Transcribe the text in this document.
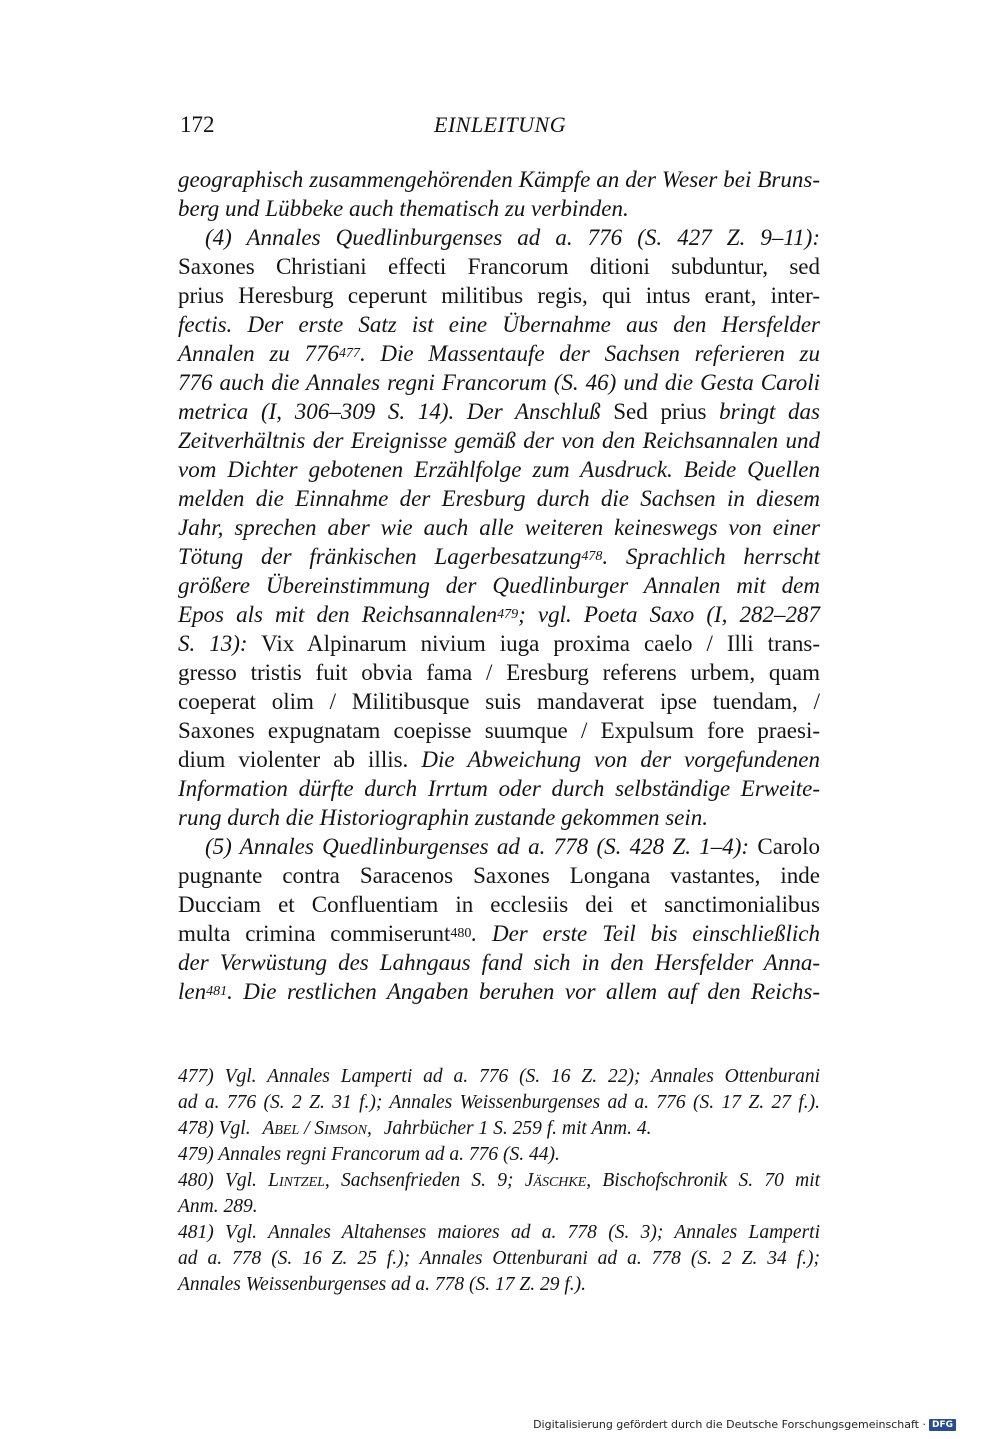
172	EINLEITUNG
geographisch zusammengehörenden Kämpfe an der Weser bei Bruns-
berg und Lübbeke auch thematisch zu verbinden.
(4) Annales Quedlinburgenses ad a. 776 (S. 427 Z. 9–11):
Saxones Christiani effecti Francorum ditioni subduntur, sed
prius Heresburg ceperunt militibus regis, qui intus erant, inter-
fectis. Der erste Satz ist eine Übernahme aus den Hersfelder
Annalen zu $776^{477}$. Die Massentaufe der Sachsen referieren zu
776 auch die Annales regni Francorum (S. 46) und die Gesta Caroli
metrica (I, 306–309 S. 14). Der Anschluß Sed prius bringt das
Zeitverhältnis der Ereignisse gemäß der von den Reichsannalen und
vom Dichter gebotenen Erzählfolge zum Ausdruck. Beide Quellen
melden die Einnahme der Eresburg durch die Sachsen in diesem
Jahr, sprechen aber wie auch alle weiteren keineswegs von einer
Tötung der fränkischen Lagerbesatzung$^{478}$. Sprachlich herrscht
größere Übereinstimmung der Quedlinburger Annalen mit dem
Epos als mit den Reichsannalen$^{479}$; vgl. Poeta Saxo (I, 282–287
S. 13): Vix Alpinarum nivium iuga proxima caelo / Illi trans-
gresso tristis fuit obvia fama / Eresburg referens urbem, quam
coeperat olim / Militibusque suis mandaverat ipse tuendam, /
Saxones expugnatam coepisse suumque / Expulsum fore praesi-
dium violenter ab illis. Die Abweichung von der vorgefundenen
Information dürfte durch Irrtum oder durch selbständige Erweite-
rung durch die Historiographin zustande gekommen sein.
(5) Annales Quedlinburgenses ad a. 778 (S. 428 Z. 1–4): Carolo
pugnante contra Saracenos Saxones Longana vastantes, inde
Ducciam et Confluentiam in ecclesiis dei et sanctimonialibus
multa crimina commiserunt$^{480}$. Der erste Teil bis einschließlich
der Verwüstung des Lahngaus fand sich in den Hersfelder Anna-
len$^{481}$. Die restlichen Angaben beruhen vor allem auf den Reichs-
477) Vgl. Annales Lamperti ad a. 776 (S. 16 Z. 22); Annales Ottenburani
ad a. 776 (S. 2 Z. 31 f.); Annales Weissenburgenses ad a. 776 (S. 17 Z. 27 f.).
478) Vgl. Abel / Simson, Jahrbücher 1 S. 259 f. mit Anm. 4.
479) Annales regni Francorum ad a. 776 (S. 44).
480) Vgl. Lintzel, Sachsenfrieden S. 9; Jäschke, Bischofschronik S. 70 mit
Anm. 289.
481) Vgl. Annales Altahenses maiores ad a. 778 (S. 3); Annales Lamperti
ad a. 778 (S. 16 Z. 25 f.); Annales Ottenburani ad a. 778 (S. 2 Z. 34 f.);
Annales Weissenburgenses ad a. 778 (S. 17 Z. 29 f.).
Digitalisierung gefördert durch die Deutsche Forschungsgemeinschaft · DFG
